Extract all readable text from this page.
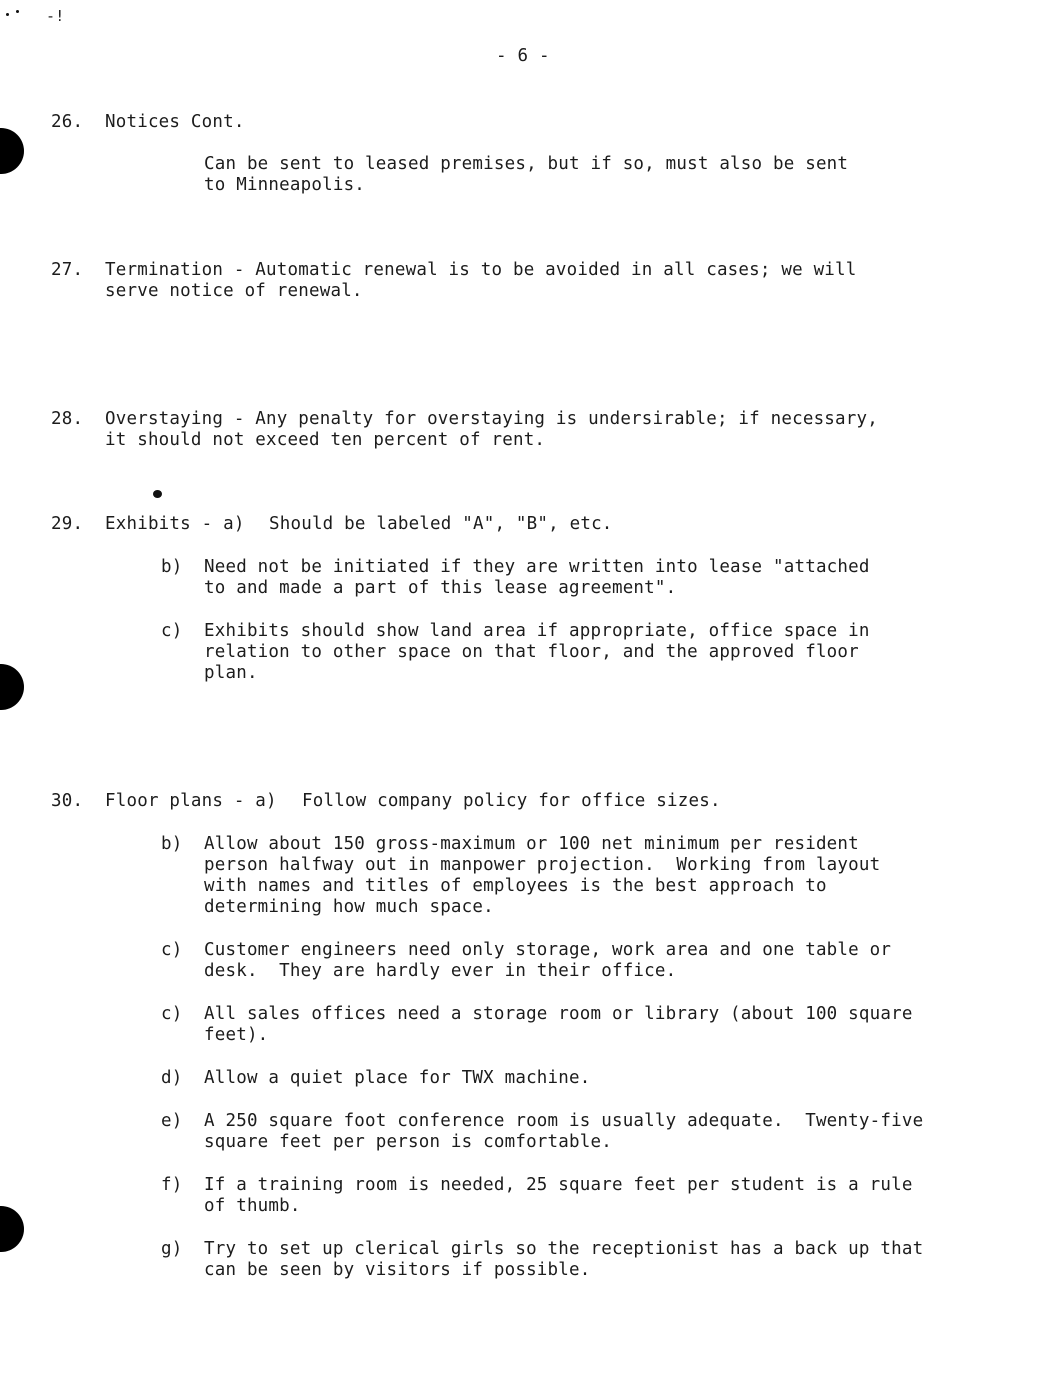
-!
- 6 -
26. Notices Cont.
Can be sent to leased premises, but if so, must also be sent
to Minneapolis.
27. Termination - Automatic renewal is to be avoided in all cases; we will
serve notice of renewal.
28. Overstaying - Any penalty for overstaying is undersirable; if necessary,
it should not exceed ten percent of rent.
29. Exhibits - a) Should be labeled "A", "B", etc.
b) Need not be initiated if they are written into lease "attached
to and made a part of this lease agreement".
c) Exhibits should show land area if appropriate, office space in
relation to other space on that floor, and the approved floor
plan.
30. Floor plans - a) Follow company policy for office sizes.
b) Allow about 150 gross-maximum or 100 net minimum per resident
person halfway out in manpower projection.  Working from layout
with names and titles of employees is the best approach to
determining how much space.
c) Customer engineers need only storage, work area and one table or
desk.  They are hardly ever in their office.
c) All sales offices need a storage room or library (about 100 square
feet).
d) Allow a quiet place for TWX machine.
e) A 250 square foot conference room is usually adequate.  Twenty-five
square feet per person is comfortable.
f) If a training room is needed, 25 square feet per student is a rule
of thumb.
g) Try to set up clerical girls so the receptionist has a back up that
can be seen by visitors if possible.
